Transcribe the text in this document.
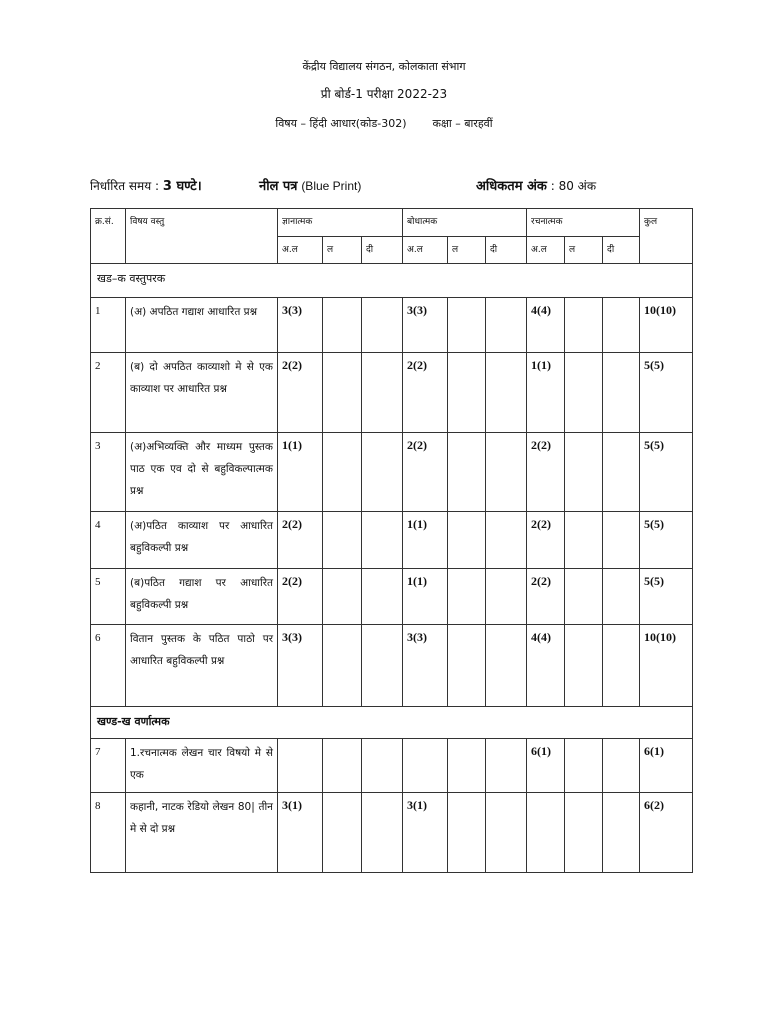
केंद्रीय विद्यालय संगठन, कोलकाता संभाग
प्री बोर्ड-1 परीक्षा 2022-23
विषय – हिंदी आधार(कोड-302) कक्षा – बारहवीं
निर्धारित समय : 3 घण्टे।	नील पत्र (Blue Print)	अधिकतम अंक : 80 अंक
क्र.सं.	विषय वस्तु	ज्ञानात्मक			बोधात्मक			रचनात्मक			कुल
		अ.ल	ल	दी	अ.ल	ल	दी	अ.ल	ल	दी	
खड–क वस्तुपरक											
1	(अ) अपठित गद्याश आधारित प्रश्न	3(3)			3(3)			4(4)			10(10)
2	(ब) दो अपठित काव्याशो मे से एक काव्याश पर आधारित प्रश्न	2(2)			2(2)			1(1)			5(5)
3	(अ)अभिव्यक्ति और माध्यम पुस्तक पाठ एक एव दो से बहुविकल्पात्मक प्रश्न	1(1)			2(2)			2(2)			5(5)
4	(अ)पठित काव्याश पर आधारित बहुविकल्पी प्रश्न	2(2)			1(1)			2(2)			5(5)
5	(ब)पठित गद्याश पर आधारित बहुविकल्पी प्रश्न	2(2)			1(1)			2(2)			5(5)
6	वितान पुस्तक के पठित पाठो पर आधारित बहुविकल्पी प्रश्न	3(3)			3(3)			4(4)			10(10)
खण्ड-ख वर्णात्मक											
7	1.रचनात्मक लेखन चार विषयो मे से एक							6(1)			6(1)
8	कहानी, नाटक रेडियो लेखन 80| तीन मे से दो प्रश्न	3(1)			3(1)						6(2)
